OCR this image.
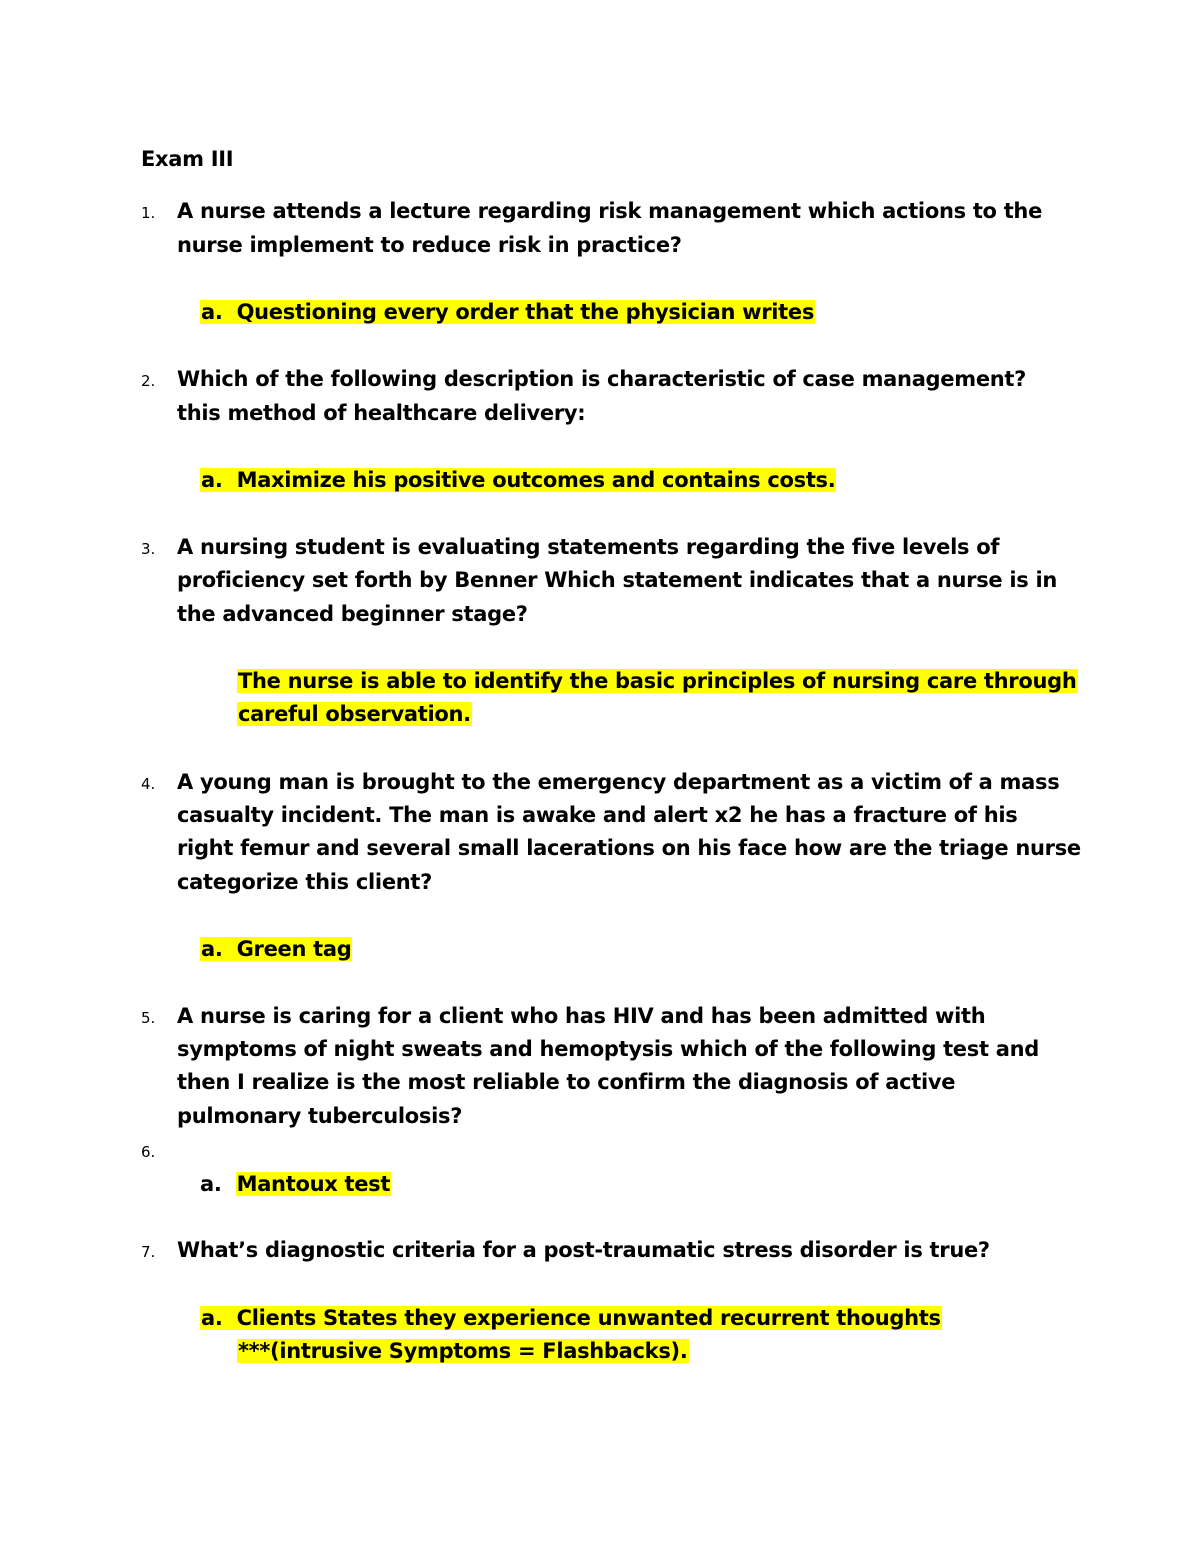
Exam III
1. A nurse attends a lecture regarding risk management which actions to the
nurse implement to reduce risk in practice?
a. Questioning every order that the physician writes
2. Which of the following description is characteristic of case management?
this method of healthcare delivery:
a. Maximize his positive outcomes and contains costs.
3. A nursing student is evaluating statements regarding the five levels of
proficiency set forth by Benner Which statement indicates that a nurse is in
the advanced beginner stage?
The nurse is able to identify the basic principles of nursing care through
careful observation.
4. A young man is brought to the emergency department as a victim of a mass
casualty incident. The man is awake and alert x2 he has a fracture of his
right femur and several small lacerations on his face how are the triage nurse
categorize this client?
a. Green tag
5. A nurse is caring for a client who has HIV and has been admitted with
symptoms of night sweats and hemoptysis which of the following test and
then I realize is the most reliable to confirm the diagnosis of active
pulmonary tuberculosis?
6.
a. Mantoux test
7. What’s diagnostic criteria for a post-traumatic stress disorder is true?
a. Clients States they experience unwanted recurrent thoughts
***(intrusive Symptoms = Flashbacks).
